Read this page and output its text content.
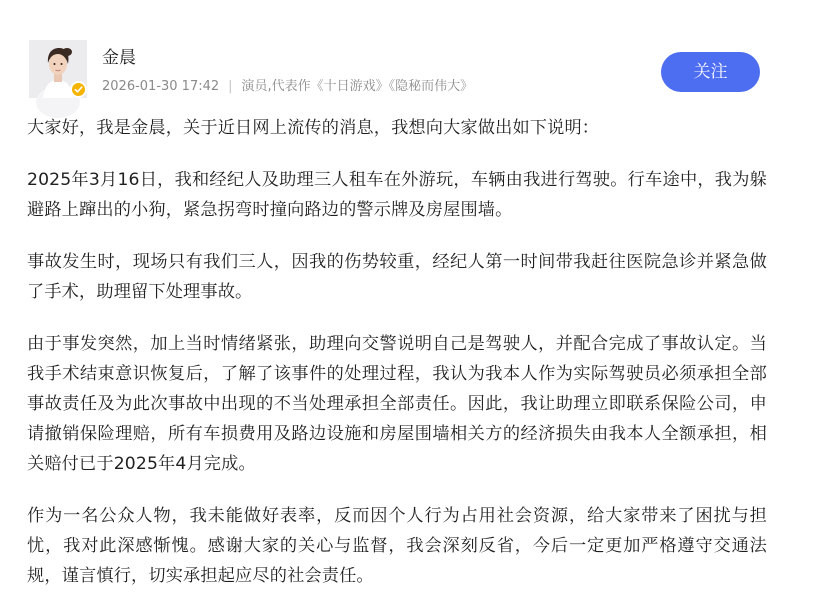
金晨
2026-01-30 17:42 | 演员,代表作《十日游戏》《隐秘而伟大》
关注

大家好，我是金晨，关于近日网上流传的消息，我想向大家做出如下说明：

2025年3月16日，我和经纪人及助理三人租车在外游玩，车辆由我进行驾驶。行车途中，我为躲避路上蹿出的小狗，紧急拐弯时撞向路边的警示牌及房屋围墙。

事故发生时，现场只有我们三人，因我的伤势较重，经纪人第一时间带我赶往医院急诊并紧急做了手术，助理留下处理事故。

由于事发突然，加上当时情绪紧张，助理向交警说明自己是驾驶人，并配合完成了事故认定。当我手术结束意识恢复后，了解了该事件的处理过程，我认为我本人作为实际驾驶员必须承担全部事故责任及为此次事故中出现的不当处理承担全部责任。因此，我让助理立即联系保险公司，申请撤销保险理赔，所有车损费用及路边设施和房屋围墙相关方的经济损失由我本人全额承担，相关赔付已于2025年4月完成。

作为一名公众人物，我未能做好表率，反而因个人行为占用社会资源，给大家带来了困扰与担忧，我对此深感惭愧。感谢大家的关心与监督，我会深刻反省，今后一定更加严格遵守交通法规，谨言慎行，切实承担起应尽的社会责任。
